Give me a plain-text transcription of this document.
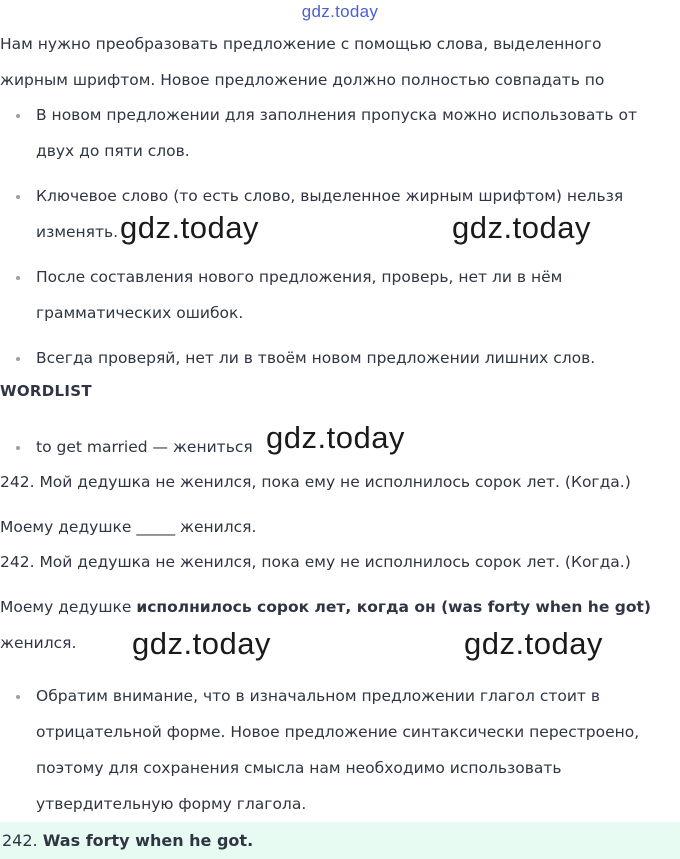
gdz.today
Нам нужно преобразовать предложение с помощью слова, выделенного
жирным шрифтом. Новое предложение должно полностью совпадать по
В новом предложении для заполнения пропуска можно использовать от
двух до пяти слов.
Ключевое слово (то есть слово, выделенное жирным шрифтом) нельзя
изменять. gdz.today	gdz.today
После составления нового предложения, проверь, нет ли в нём
грамматических ошибок.
Всегда проверяй, нет ли в твоём новом предложении лишних слов.
WORDLIST
to get married — жениться gdz.today
242. Мой дедушка не женился, пока ему не исполнилось сорок лет. (Когда.)
Моему дедушке _____ женился.
242. Мой дедушка не женился, пока ему не исполнилось сорок лет. (Когда.)
Моему дедушке исполнилось сорок лет, когда он (was forty when he got)
женился. gdz.today	gdz.today
Обратим внимание, что в изначальном предложении глагол стоит в
отрицательной форме. Новое предложение синтаксически перестроено,
поэтому для сохранения смысла нам необходимо использовать
утвердительную форму глагола.
242. Was forty when he got.
